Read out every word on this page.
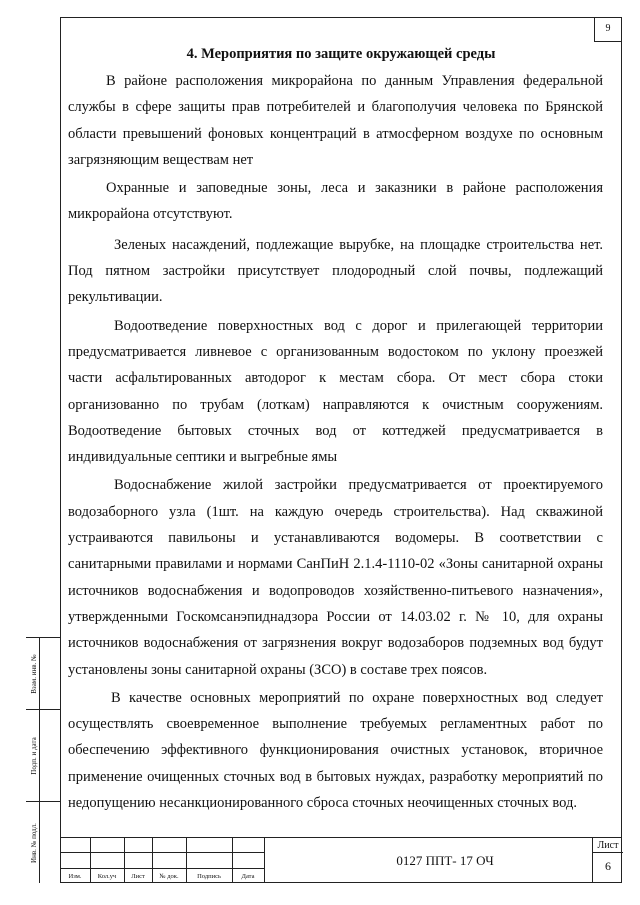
9
4. Мероприятия по защите окружающей среды

В районе расположения микрорайона по данным Управления федеральной службы в сфере защиты прав потребителей и благополучия человека по Брянской области превышений фоновых концентраций в атмосферном воздухе по основным загрязняющим веществам нет

Охранные и заповедные зоны, леса и заказники в районе расположения микрорайона отсутствуют.

Зеленых насаждений, подлежащие вырубке, на площадке строительства нет. Под пятном застройки присутствует плодородный слой почвы, подлежащий рекультивации.

Водоотведение поверхностных вод с дорог и прилегающей территории предусматривается ливневое с организованным водостоком по уклону проезжей части асфальтированных автодорог к местам сбора. От мест сбора стоки организованно по трубам (лоткам) направляются к очистным сооружениям. Водоотведение бытовых сточных вод от коттеджей предусматривается в индивидуальные септики и выгребные ямы

Водоснабжение жилой застройки предусматривается от проектируемого водозаборного узла (1шт. на каждую очередь строительства). Над скважиной устраиваются павильоны и устанавливаются водомеры. В соответствии с санитарными правилами и нормами СанПиН 2.1.4-1110-02 «Зоны санитарной охраны источников водоснабжения и водопроводов хозяйственно-питьевого назначения», утвержденными Госкомсанэпиднадзора России от 14.03.02 г. № 10, для охраны источников водоснабжения от загрязнения вокруг водозаборов подземных вод будут установлены зоны санитарной охраны (ЗСО) в составе трех поясов.

В качестве основных мероприятий по охране поверхностных вод следует осуществлять своевременное выполнение требуемых регламентных работ по обеспечению эффективного функционирования очистных установок, вторичное применение очищенных сточных вод в бытовых нуждах, разработку мероприятий по недопущению несанкционированного сброса сточных неочищенных сточных вод.

Взам. инв. №
Подп. и дата
Инв. № подл.
Изм.	Кол.уч	Лист	№ док.	Подпись	Дата
0127 ППТ- 17 ОЧ
Лист
6
